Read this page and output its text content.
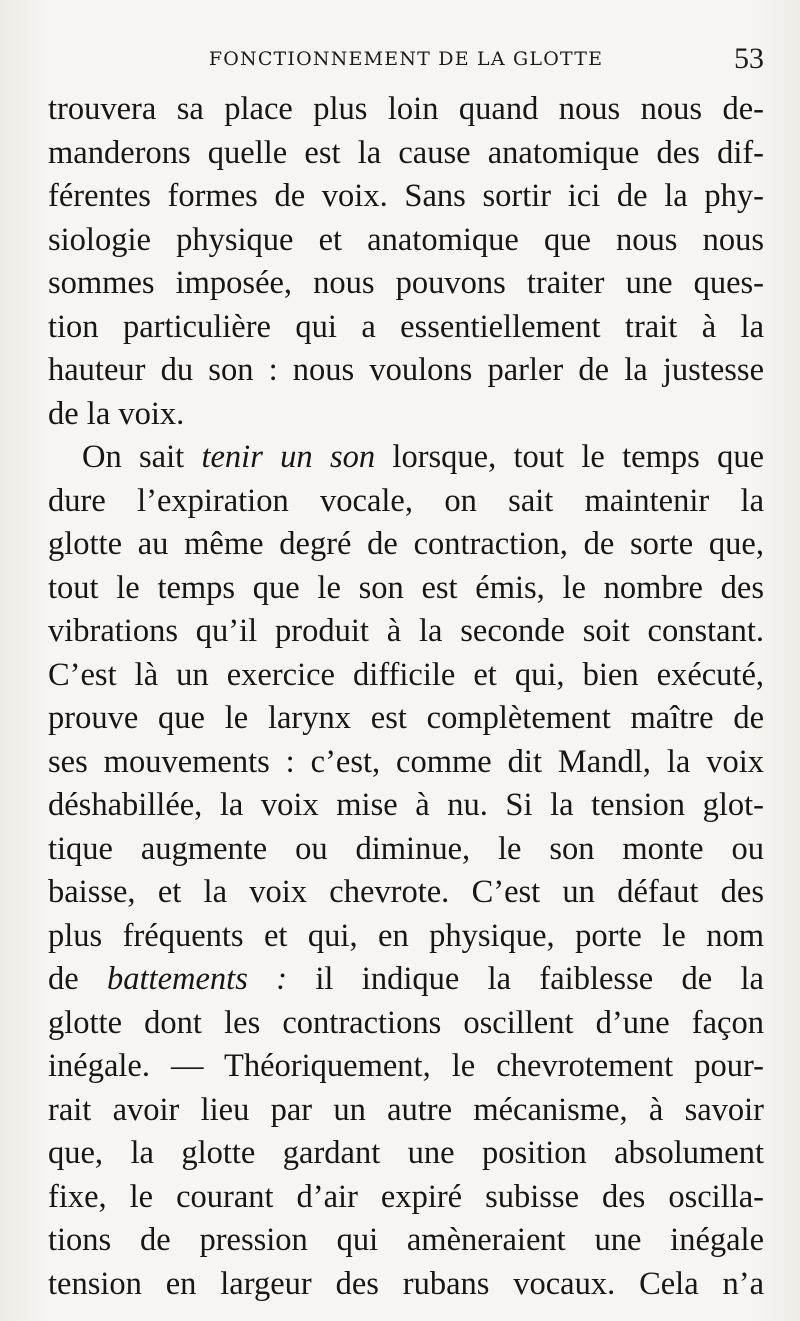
FONCTIONNEMENT DE LA GLOTTE	53
trouvera sa place plus loin quand nous nous de-
manderons quelle est la cause anatomique des dif-
férentes formes de voix. Sans sortir ici de la phy-
siologie physique et anatomique que nous nous
sommes imposée, nous pouvons traiter une ques-
tion particulière qui a essentiellement trait à la
hauteur du son : nous voulons parler de la justesse
de la voix.
On sait tenir un son lorsque, tout le temps que
dure l’expiration vocale, on sait maintenir la
glotte au même degré de contraction, de sorte que,
tout le temps que le son est émis, le nombre des
vibrations qu’il produit à la seconde soit constant.
C’est là un exercice difficile et qui, bien exécuté,
prouve que le larynx est complètement maître de
ses mouvements : c’est, comme dit Mandl, la voix
déshabillée, la voix mise à nu. Si la tension glot-
tique augmente ou diminue, le son monte ou
baisse, et la voix chevrote. C’est un défaut des
plus fréquents et qui, en physique, porte le nom
de battements : il indique la faiblesse de la
glotte dont les contractions oscillent d’une façon
inégale. — Théoriquement, le chevrotement pour-
rait avoir lieu par un autre mécanisme, à savoir
que, la glotte gardant une position absolument
fixe, le courant d’air expiré subisse des oscilla-
tions de pression qui amèneraient une inégale
tension en largeur des rubans vocaux. Cela n’a
